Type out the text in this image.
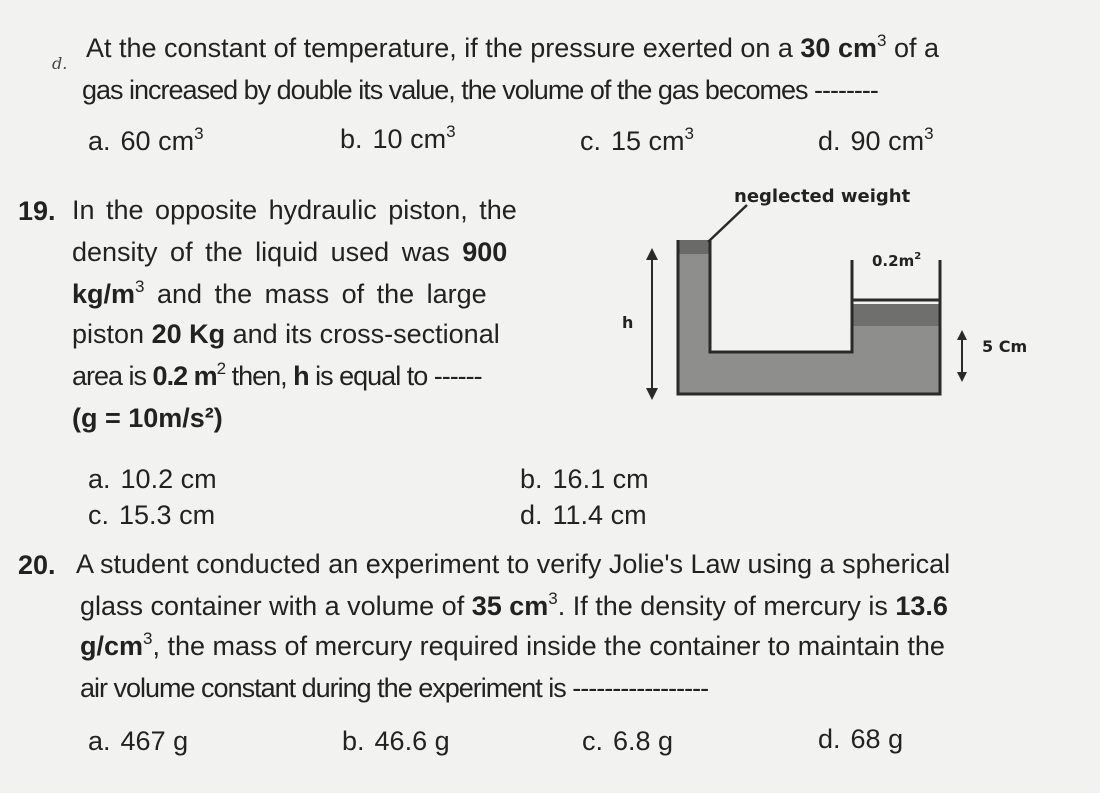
d.
At the constant of temperature, if the pressure exerted on a 30 $cm^3$ of a
gas increased by double its value, the volume of the gas becomes --------
a. 60 $cm^3$	b. 10 $cm^3$	c. 15 $cm^3$	d. 90 $cm^3$
19. In the opposite hydraulic piston, the
density of the liquid used was 900
$kg/m^3$ and the mass of the large
piston 20 Kg and its cross-sectional
area is 0.2 $m^2$ then, h is equal to ------
(g = 10m/s²)
neglected weight
$0.2m^2$
h
5 Cm
a. 10.2 cm	b. 16.1 cm
c. 15.3 cm	d. 11.4 cm
20. A student conducted an experiment to verify Jolie's Law using a spherical
glass container with a volume of 35 $cm^3$. If the density of mercury is 13.6
$g/cm^3$, the mass of mercury required inside the container to maintain the
air volume constant during the experiment is -----------------
a. 467 g	b. 46.6 g	c. 6.8 g	d. 68 g
